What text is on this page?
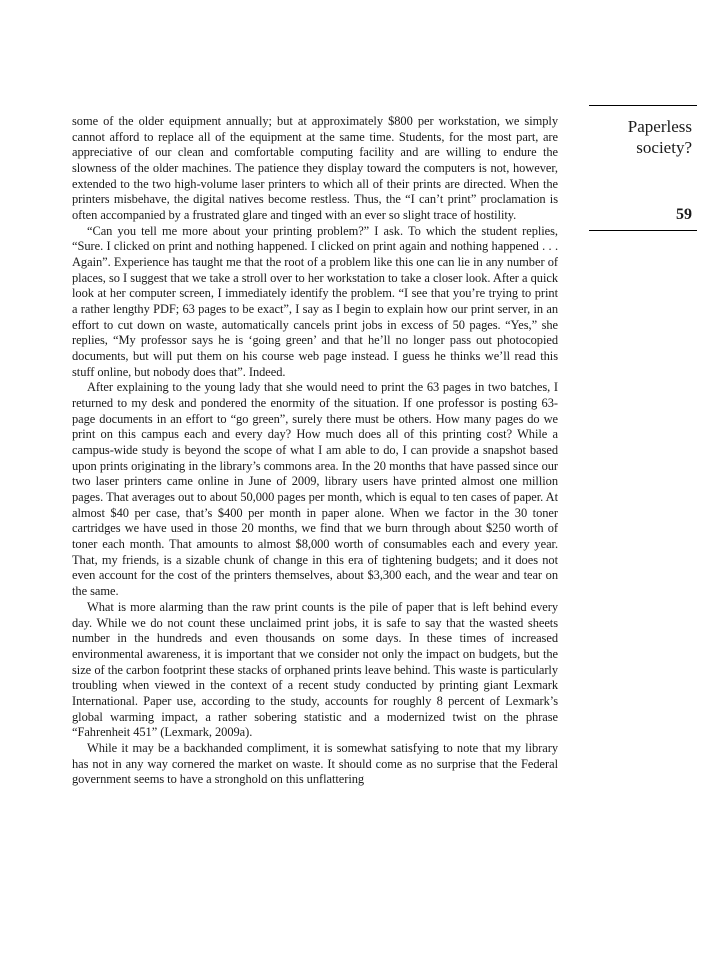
some of the older equipment annually; but at approximately $800 per workstation, we simply cannot afford to replace all of the equipment at the same time. Students, for the most part, are appreciative of our clean and comfortable computing facility and are willing to endure the slowness of the older machines. The patience they display toward the computers is not, however, extended to the two high-volume laser printers to which all of their prints are directed. When the printers misbehave, the digital natives become restless. Thus, the “I can’t print” proclamation is often accompanied by a frustrated glare and tinged with an ever so slight trace of hostility.

“Can you tell me more about your printing problem?” I ask. To which the student replies, “Sure. I clicked on print and nothing happened. I clicked on print again and nothing happened . . . Again”. Experience has taught me that the root of a problem like this one can lie in any number of places, so I suggest that we take a stroll over to her workstation to take a closer look. After a quick look at her computer screen, I immediately identify the problem. “I see that you’re trying to print a rather lengthy PDF; 63 pages to be exact”, I say as I begin to explain how our print server, in an effort to cut down on waste, automatically cancels print jobs in excess of 50 pages. “Yes,” she replies, “My professor says he is ‘going green’ and that he’ll no longer pass out photocopied documents, but will put them on his course web page instead. I guess he thinks we’ll read this stuff online, but nobody does that”. Indeed.

After explaining to the young lady that she would need to print the 63 pages in two batches, I returned to my desk and pondered the enormity of the situation. If one professor is posting 63-page documents in an effort to “go green”, surely there must be others. How many pages do we print on this campus each and every day? How much does all of this printing cost? While a campus-wide study is beyond the scope of what I am able to do, I can provide a snapshot based upon prints originating in the library’s commons area. In the 20 months that have passed since our two laser printers came online in June of 2009, library users have printed almost one million pages. That averages out to about 50,000 pages per month, which is equal to ten cases of paper. At almost $40 per case, that’s $400 per month in paper alone. When we factor in the 30 toner cartridges we have used in those 20 months, we find that we burn through about $250 worth of toner each month. That amounts to almost $8,000 worth of consumables each and every year. That, my friends, is a sizable chunk of change in this era of tightening budgets; and it does not even account for the cost of the printers themselves, about $3,300 each, and the wear and tear on the same.

What is more alarming than the raw print counts is the pile of paper that is left behind every day. While we do not count these unclaimed print jobs, it is safe to say that the wasted sheets number in the hundreds and even thousands on some days. In these times of increased environmental awareness, it is important that we consider not only the impact on budgets, but the size of the carbon footprint these stacks of orphaned prints leave behind. This waste is particularly troubling when viewed in the context of a recent study conducted by printing giant Lexmark International. Paper use, according to the study, accounts for roughly 8 percent of Lexmark’s global warming impact, a rather sobering statistic and a modernized twist on the phrase “Fahrenheit 451” (Lexmark, 2009a).

While it may be a backhanded compliment, it is somewhat satisfying to note that my library has not in any way cornered the market on waste. It should come as no surprise that the Federal government seems to have a stronghold on this unflattering

Paperless
society?
59
